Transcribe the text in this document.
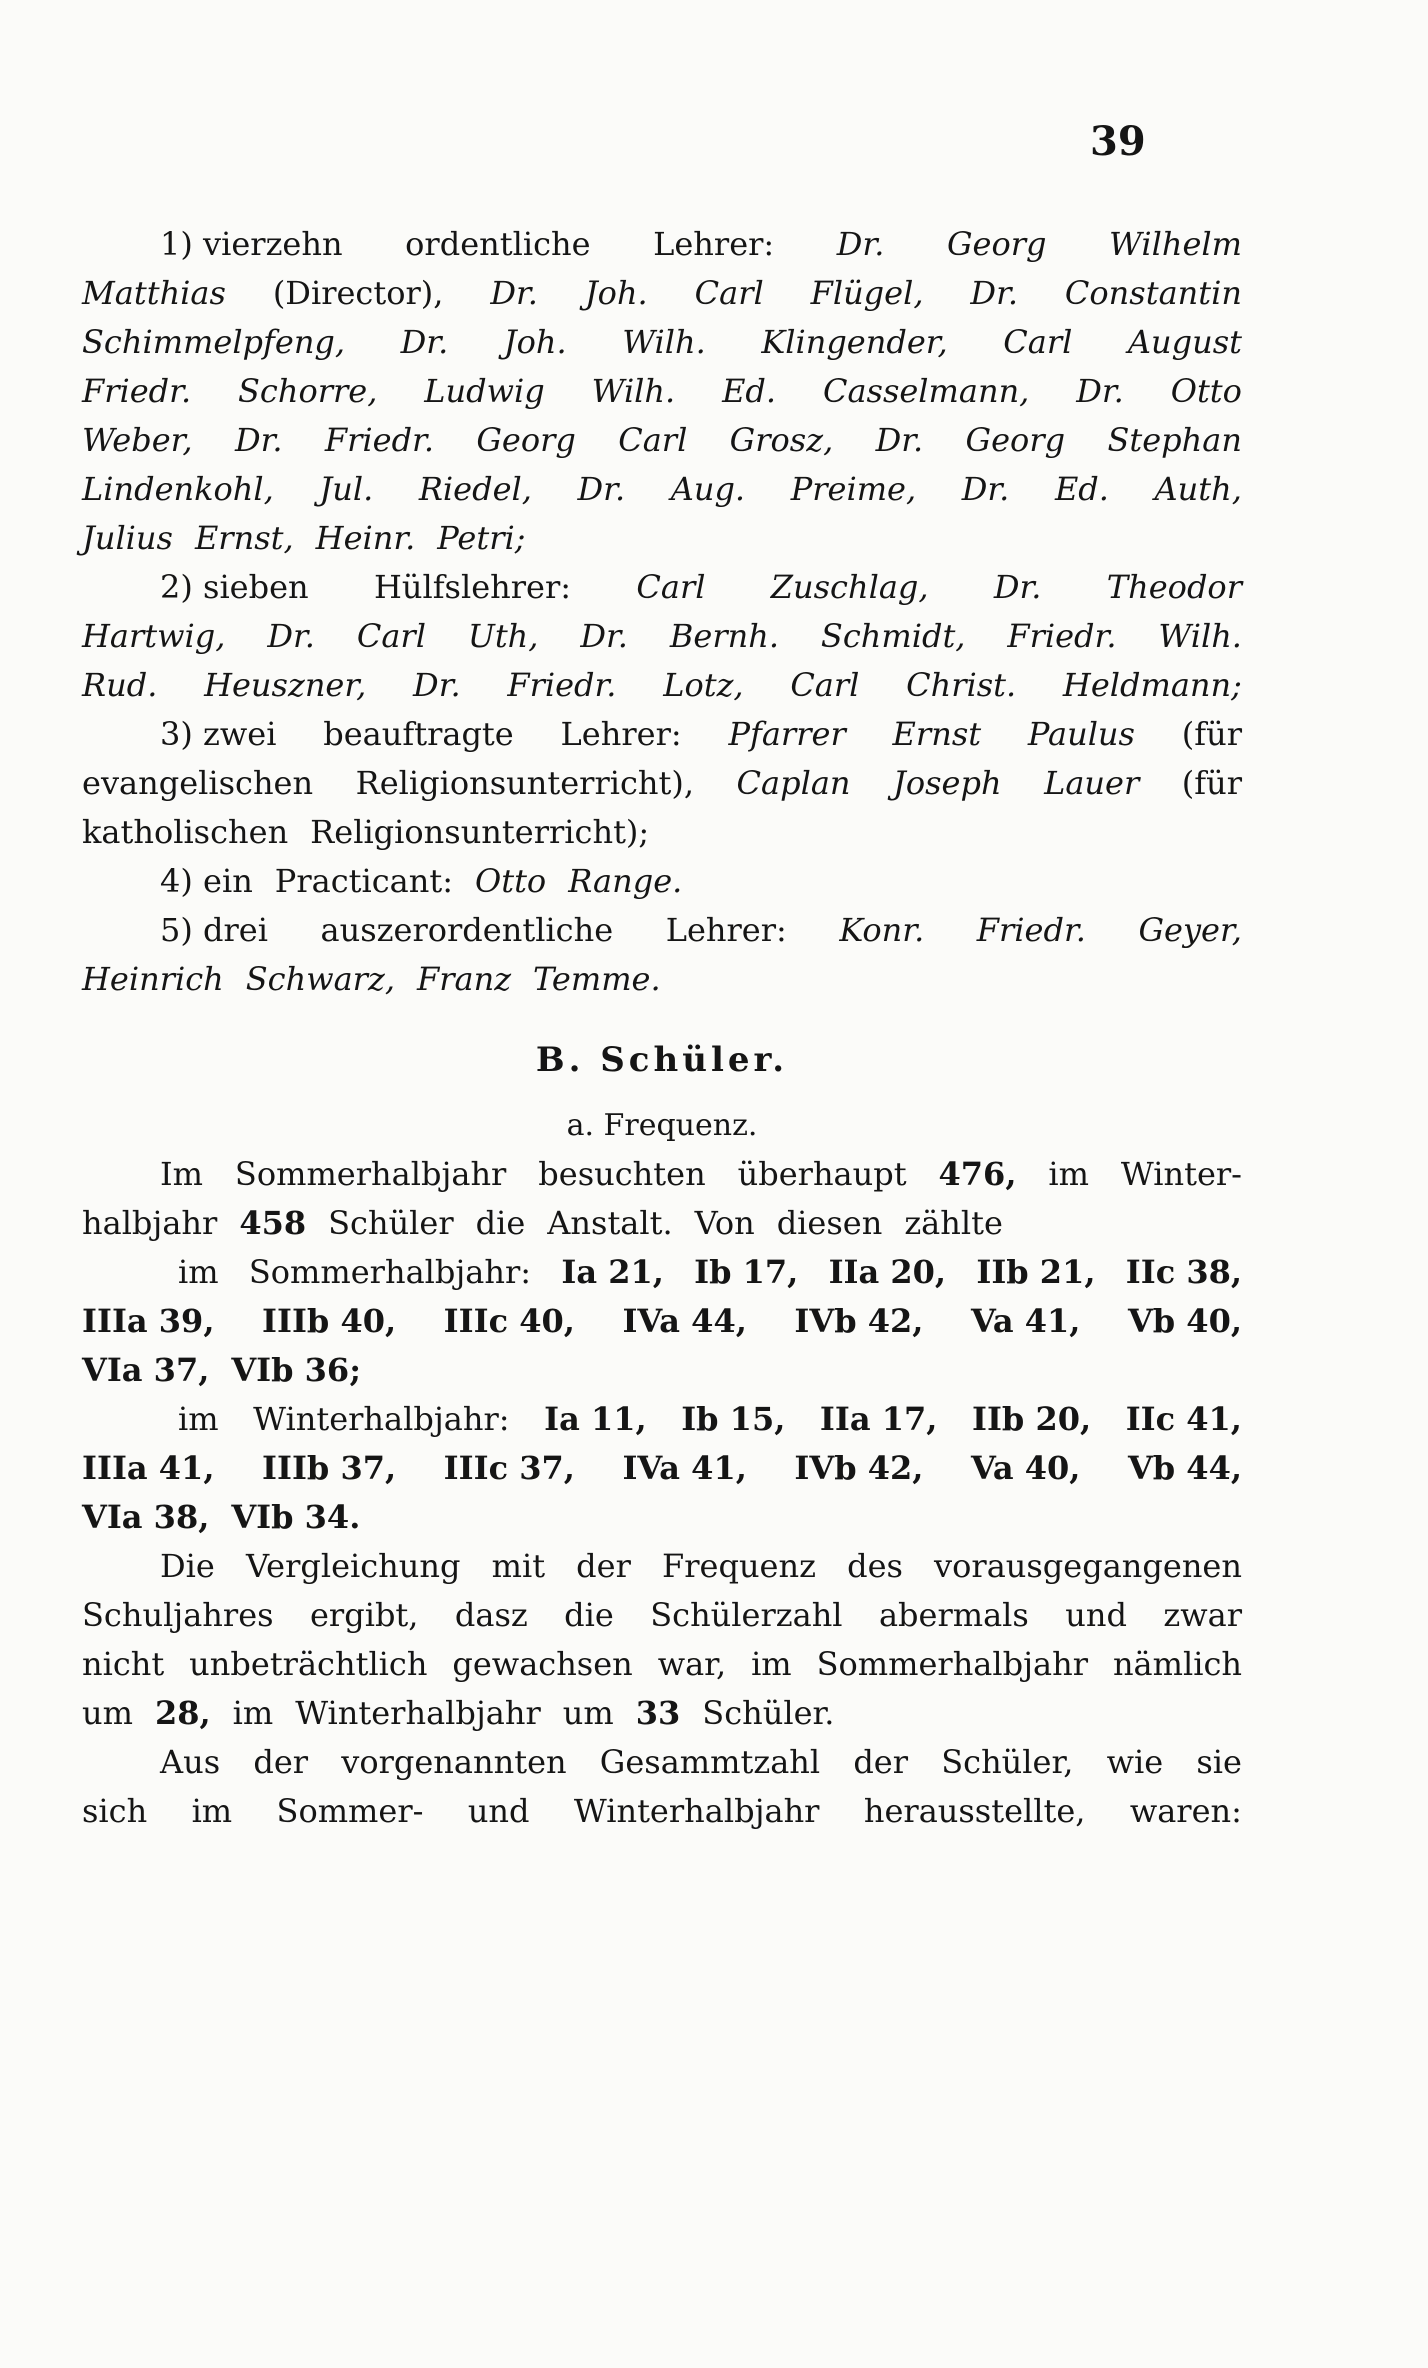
39
1) vierzehn ordentliche Lehrer: Dr. Georg Wilhelm
Matthias (Director), Dr. Joh. Carl Flügel, Dr. Constantin
Schimmelpfeng, Dr. Joh. Wilh. Klingender, Carl August
Friedr. Schorre, Ludwig Wilh. Ed. Casselmann, Dr. Otto
Weber, Dr. Friedr. Georg Carl Grosz, Dr. Georg Stephan
Lindenkohl, Jul. Riedel, Dr. Aug. Preime, Dr. Ed. Auth,
Julius Ernst, Heinr. Petri;
2) sieben Hülfslehrer: Carl Zuschlag, Dr. Theodor
Hartwig, Dr. Carl Uth, Dr. Bernh. Schmidt, Friedr. Wilh.
Rud. Heuszner, Dr. Friedr. Lotz, Carl Christ. Heldmann;
3) zwei beauftragte Lehrer: Pfarrer Ernst Paulus (für
evangelischen Religionsunterricht), Caplan Joseph Lauer (für
katholischen Religionsunterricht);
4) ein Practicant: Otto Range.
5) drei auszerordentliche Lehrer: Konr. Friedr. Geyer,
Heinrich Schwarz, Franz Temme.
B. Schüler.
a. Frequenz.
Im Sommerhalbjahr besuchten überhaupt 476, im Winter-
halbjahr 458 Schüler die Anstalt. Von diesen zählte
im Sommerhalbjahr: Ia 21, Ib 17, IIa 20, IIb 21, IIc 38,
IIIa 39, IIIb 40, IIIc 40, IVa 44, IVb 42, Va 41, Vb 40,
VIa 37, VIb 36;
im Winterhalbjahr: Ia 11, Ib 15, IIa 17, IIb 20, IIc 41,
IIIa 41, IIIb 37, IIIc 37, IVa 41, IVb 42, Va 40, Vb 44,
VIa 38, VIb 34.
Die Vergleichung mit der Frequenz des vorausgegangenen
Schuljahres ergibt, dasz die Schülerzahl abermals und zwar
nicht unbeträchtlich gewachsen war, im Sommerhalbjahr nämlich
um 28, im Winterhalbjahr um 33 Schüler.
Aus der vorgenannten Gesammtzahl der Schüler, wie sie
sich im Sommer- und Winterhalbjahr herausstellte, waren:
